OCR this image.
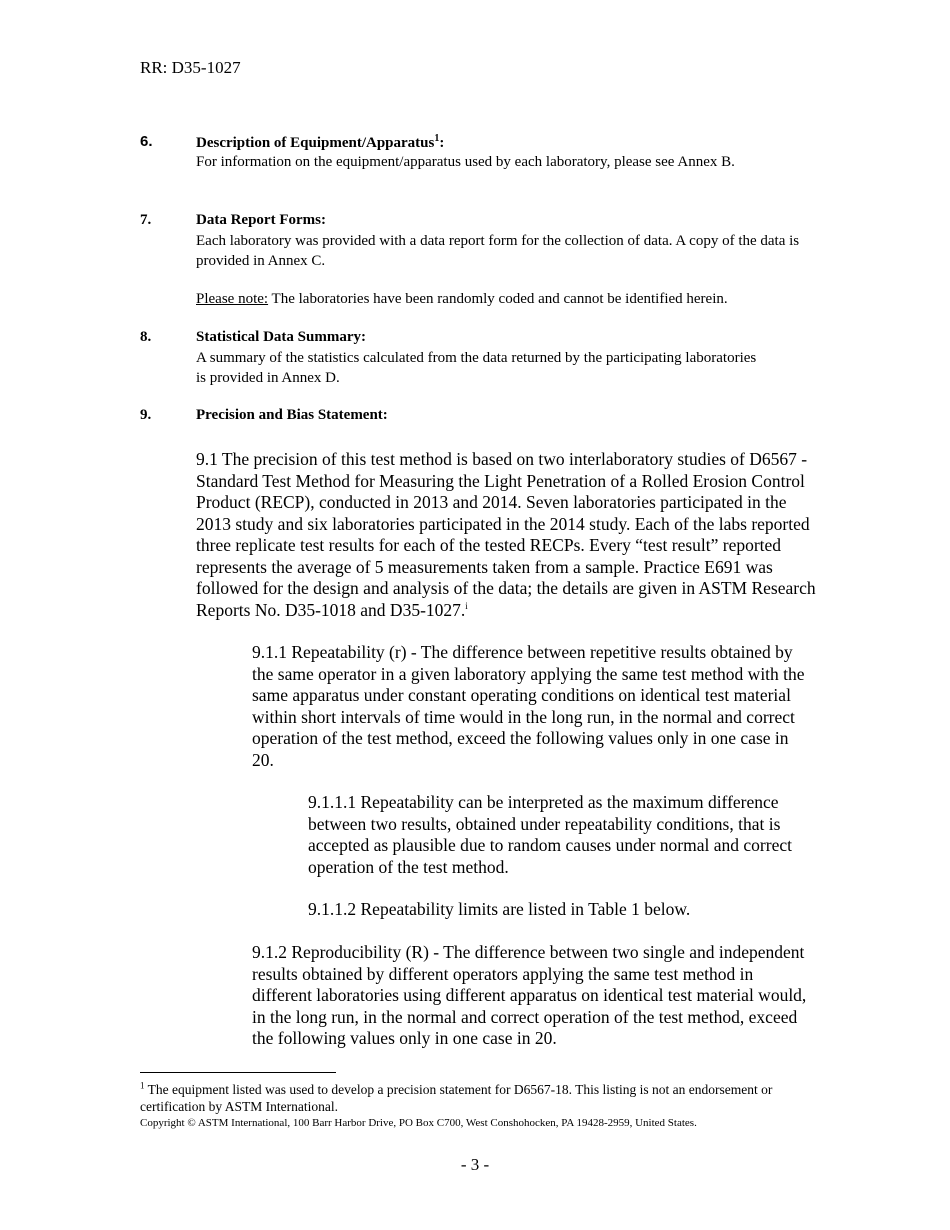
RR: D35-1027
6.	Description of Equipment/Apparatus$^1$:
For information on the equipment/apparatus used by each laboratory, please see Annex B.
7.	Data Report Forms:
Each laboratory was provided with a data report form for the collection of data. A copy of the data is provided in Annex C.
Please note: The laboratories have been randomly coded and cannot be identified herein.
8.	Statistical Data Summary:
A summary of the statistics calculated from the data returned by the participating laboratories is provided in Annex D.
9.	Precision and Bias Statement:
9.1 The precision of this test method is based on two interlaboratory studies of D6567 - Standard Test Method for Measuring the Light Penetration of a Rolled Erosion Control Product (RECP), conducted in 2013 and 2014. Seven laboratories participated in the 2013 study and six laboratories participated in the 2014 study. Each of the labs reported three replicate test results for each of the tested RECPs. Every “test result” reported represents the average of 5 measurements taken from a sample. Practice E691 was followed for the design and analysis of the data; the details are given in ASTM Research Reports No. D35-1018 and D35-1027.$^i$
9.1.1 Repeatability (r) - The difference between repetitive results obtained by the same operator in a given laboratory applying the same test method with the same apparatus under constant operating conditions on identical test material within short intervals of time would in the long run, in the normal and correct operation of the test method, exceed the following values only in one case in 20.
9.1.1.1 Repeatability can be interpreted as the maximum difference between two results, obtained under repeatability conditions, that is accepted as plausible due to random causes under normal and correct operation of the test method.
9.1.1.2 Repeatability limits are listed in Table 1 below.
9.1.2 Reproducibility (R) - The difference between two single and independent results obtained by different operators applying the same test method in different laboratories using different apparatus on identical test material would, in the long run, in the normal and correct operation of the test method, exceed the following values only in one case in 20.
$^1$ The equipment listed was used to develop a precision statement for D6567-18. This listing is not an endorsement or certification by ASTM International.
Copyright © ASTM International, 100 Barr Harbor Drive, PO Box C700, West Conshohocken, PA 19428-2959, United States.
- 3 -
